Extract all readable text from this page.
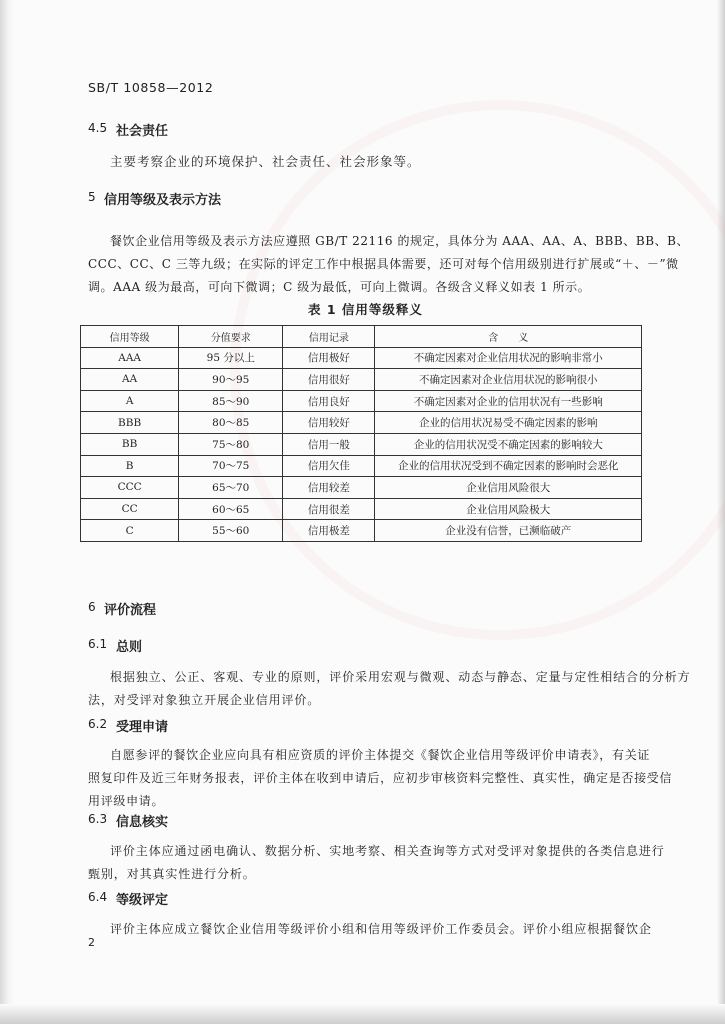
SB/T 10858—2012
4.5 社会责任
主要考察企业的环境保护、社会责任、社会形象等。
5 信用等级及表示方法
餐饮企业信用等级及表示方法应遵照 GB/T 22116 的规定，具体分为 AAA、AA、A、BBB、BB、B、
CCC、CC、C 三等九级；在实际的评定工作中根据具体需要，还可对每个信用级别进行扩展或“＋、－”微
调。AAA 级为最高，可向下微调；C 级为最低，可向上微调。各级含义释义如表 1 所示。
表 1 信用等级释义
信用等级	分值要求	信用记录	含　　义
AAA	95 分以上	信用极好	不确定因素对企业信用状况的影响非常小
AA	90～95	信用很好	不确定因素对企业信用状况的影响很小
A	85～90	信用良好	不确定因素对企业的信用状况有一些影响
BBB	80～85	信用较好	企业的信用状况易受不确定因素的影响
BB	75～80	信用一般	企业的信用状况受不确定因素的影响较大
B	70～75	信用欠佳	企业的信用状况受到不确定因素的影响时会恶化
CCC	65～70	信用较差	企业信用风险很大
CC	60～65	信用很差	企业信用风险极大
C	55～60	信用极差	企业没有信誉，已濒临破产
6 评价流程
6.1 总则
根据独立、公正、客观、专业的原则，评价采用宏观与微观、动态与静态、定量与定性相结合的分析方
法，对受评对象独立开展企业信用评价。
6.2 受理申请
自愿参评的餐饮企业应向具有相应资质的评价主体提交《餐饮企业信用等级评价申请表》，有关证
照复印件及近三年财务报表，评价主体在收到申请后，应初步审核资料完整性、真实性，确定是否接受信
用评级申请。
6.3 信息核实
评价主体应通过函电确认、数据分析、实地考察、相关查询等方式对受评对象提供的各类信息进行
甄别，对其真实性进行分析。
6.4 等级评定
评价主体应成立餐饮企业信用等级评价小组和信用等级评价工作委员会。评价小组应根据餐饮企
2
